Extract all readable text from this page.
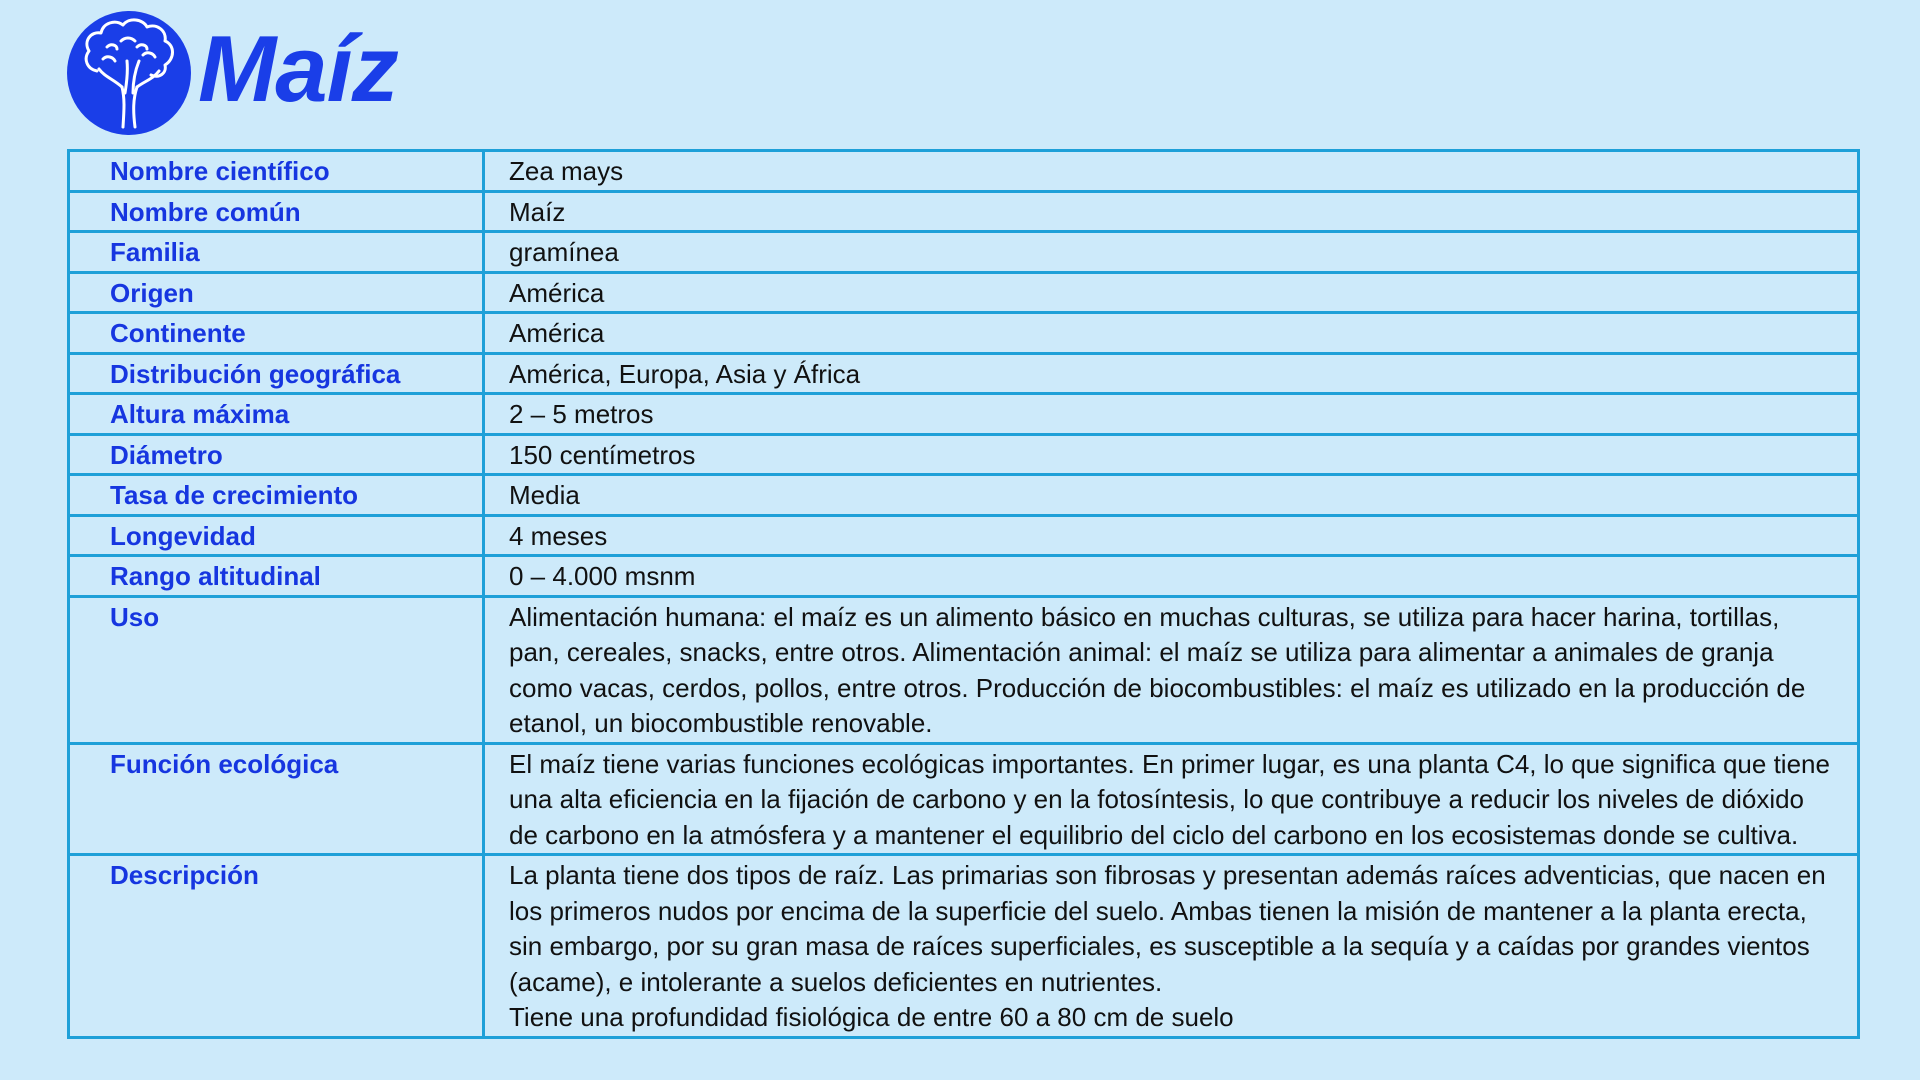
Maíz
Nombre científico	Zea mays
Nombre común	Maíz
Familia	gramínea
Origen	América
Continente	América
Distribución geográfica	América, Europa, Asia y África
Altura máxima	2 – 5 metros
Diámetro	150 centímetros
Tasa de crecimiento	Media
Longevidad	4 meses
Rango altitudinal	0 – 4.000 msnm
Uso	Alimentación humana: el maíz es un alimento básico en muchas culturas, se utiliza para hacer harina, tortillas, pan, cereales, snacks, entre otros. Alimentación animal: el maíz se utiliza para alimentar a animales de granja como vacas, cerdos, pollos, entre otros. Producción de biocombustibles: el maíz es utilizado en la producción de etanol, un biocombustible renovable.
Función ecológica	El maíz tiene varias funciones ecológicas importantes. En primer lugar, es una planta C4, lo que significa que tiene una alta eficiencia en la fijación de carbono y en la fotosíntesis, lo que contribuye a reducir los niveles de dióxido de carbono en la atmósfera y a mantener el equilibrio del ciclo del carbono en los ecosistemas donde se cultiva.
Descripción	La planta tiene dos tipos de raíz. Las primarias son fibrosas y presentan además raíces adventicias, que nacen en los primeros nudos por encima de la superficie del suelo. Ambas tienen la misión de mantener a la planta erecta, sin embargo, por su gran masa de raíces superficiales, es susceptible a la sequía y a caídas por grandes vientos (acame), e intolerante a suelos deficientes en nutrientes.
Tiene una profundidad fisiológica de entre 60 a 80 cm de suelo
